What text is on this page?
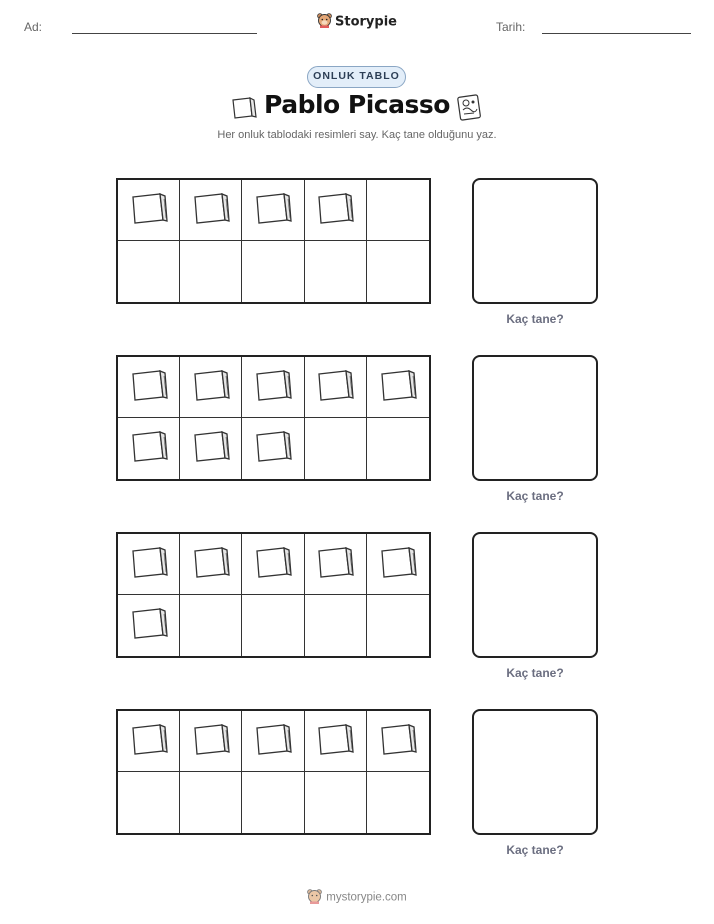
Ad:	Storypie	Tarih:
ONLUK TABLO
Pablo Picasso
Her onluk tablodaki resimleri say. Kaç tane olduğunu yaz.
Kaç tane?
Kaç tane?
Kaç tane?
Kaç tane?
mystorypie.com
